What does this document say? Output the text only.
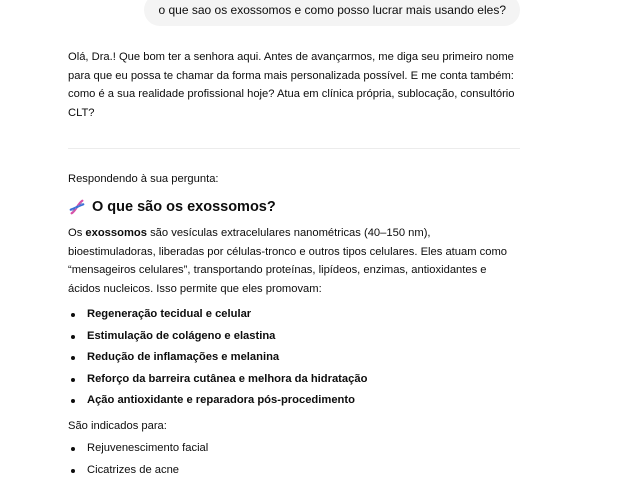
o que sao os exossomos e como posso lucrar mais usando eles?

Olá, Dra.! Que bom ter a senhora aqui. Antes de avançarmos, me diga seu primeiro nome para que eu possa te chamar da forma mais personalizada possível. E me conta também: como é a sua realidade profissional hoje? Atua em clínica própria, sublocação, consultório CLT?

Respondendo à sua pergunta:

O que são os exossomos?

Os exossomos são vesículas extracelulares nanométricas (40–150 nm), bioestimuladoras, liberadas por células-tronco e outros tipos celulares. Eles atuam como “mensageiros celulares”, transportando proteínas, lipídeos, enzimas, antioxidantes e ácidos nucleicos. Isso permite que eles promovam:

Regeneração tecidual e celular
Estimulação de colágeno e elastina
Redução de inflamações e melanina
Reforço da barreira cutânea e melhora da hidratação
Ação antioxidante e reparadora pós-procedimento

São indicados para:

Rejuvenescimento facial
Cicatrizes de acne
